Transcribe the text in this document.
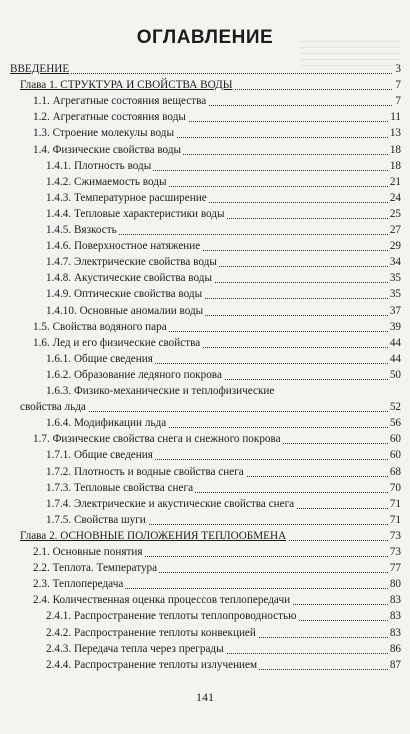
ОГЛАВЛЕНИЕ
ВВЕДЕНИЕ	3
Глава 1. СТРУКТУРА И СВОЙСТВА ВОДЫ	7
1.1. Агрегатные состояния вещества	7
1.2. Агрегатные состояния воды	11
1.3. Строение молекулы воды	13
1.4. Физические свойства воды	18
1.4.1. Плотность воды	18
1.4.2. Сжимаемость воды	21
1.4.3. Температурное расширение	24
1.4.4. Тепловые характеристики воды	25
1.4.5. Вязкость	27
1.4.6. Поверхностное натяжение	29
1.4.7. Электрические свойства воды	34
1.4.8. Акустические свойства воды	35
1.4.9. Оптические свойства воды	35
1.4.10. Основные аномалии воды	37
1.5. Свойства водяного пара	39
1.6. Лед и его физические свойства	44
1.6.1. Общие сведения	44
1.6.2. Образование ледяного покрова	50
1.6.3. Физико-механические и теплофизические
свойства льда	52
1.6.4. Модификации льда	56
1.7. Физические свойства снега и снежного покрова	60
1.7.1. Общие сведения	60
1.7.2. Плотность и водные свойства снега	68
1.7.3. Тепловые свойства снега	70
1.7.4. Электрические и акустические свойства снега	71
1.7.5. Свойства шуги	71
Глава 2. ОСНОВНЫЕ ПОЛОЖЕНИЯ ТЕПЛООБМЕНА	73
2.1. Основные понятия	73
2.2. Теплота. Температура	77
2.3. Теплопередача	80
2.4. Количественная оценка процессов теплопередачи	83
2.4.1. Распространение теплоты теплопроводностью	83
2.4.2. Распространение теплоты конвекцией	83
2.4.3. Передача тепла через преграды	86
2.4.4. Распространение теплоты излучением	87
141
